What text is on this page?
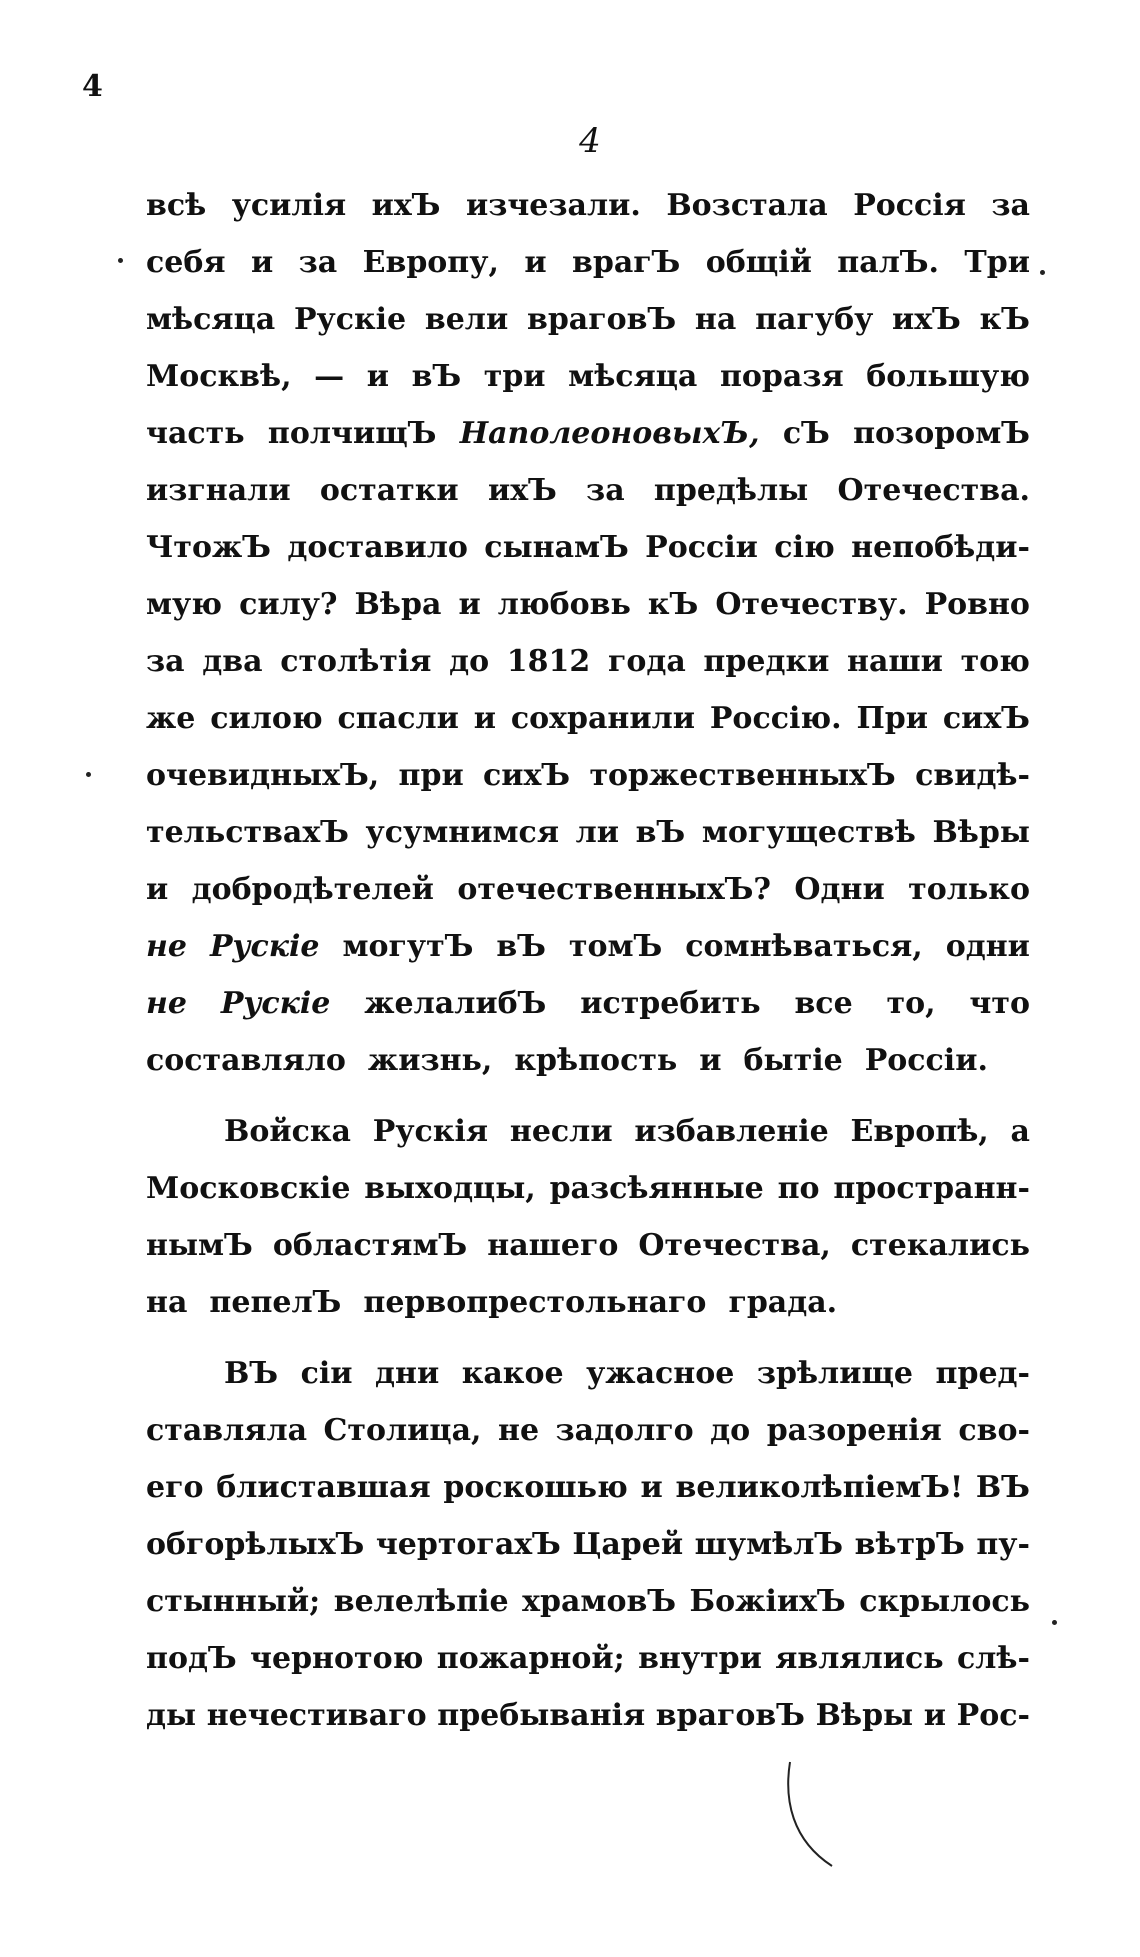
4
4
всѣ усилія ихЪ изчезали. Возстала Россія за
себя и за Европу, и врагЪ общій палЪ. Три
мѣсяца Рускіе вели враговЪ на пагубу ихЪ кЪ
Москвѣ, — и вЪ три мѣсяца поразя большую
часть полчищЪ НаполеоновыхЪ, сЪ позоромЪ
изгнали остатки ихЪ за предѣлы Отечества.
ЧтожЪ доставило сынамЪ Россіи сію непобѣди-
мую силу? Вѣра и любовь кЪ Отечеству. Ровно
за два столѣтія до 1812 года предки наши тою
же силою спасли и сохранили Россію. При сихЪ
очевидныхЪ, при сихЪ торжественныхЪ свидѣ-
тельствахЪ усумнимся ли вЪ могуществѣ Вѣры
и добродѣтелей отечественныхЪ? Одни только
не Рускіе могутЪ вЪ томЪ сомнѣваться, одни
не Рускіе желалибЪ истребить все то, что
составляло жизнь, крѣпость и бытіе Россіи.
Войска Рускія несли избавленіе Европѣ, а
Московскіе выходцы, разсѣянные по пространн-
нымЪ областямЪ нашего Отечества, стекались
на пепелЪ первопрестольнаго града.
ВЪ сіи дни какое ужасное зрѣлище пред-
ставляла Столица, не задолго до разоренія сво-
его блиставшая роскошью и великолѣпіемЪ! ВЪ
обгорѣлыхЪ чертогахЪ Царей шумѣлЪ вѣтрЪ пу-
стынный; велелѣпіе храмовЪ БожіихЪ скрылось
подЪ чернотою пожарной; внутри являлись слѣ-
ды нечестиваго пребыванія враговЪ Вѣры и Рос-
